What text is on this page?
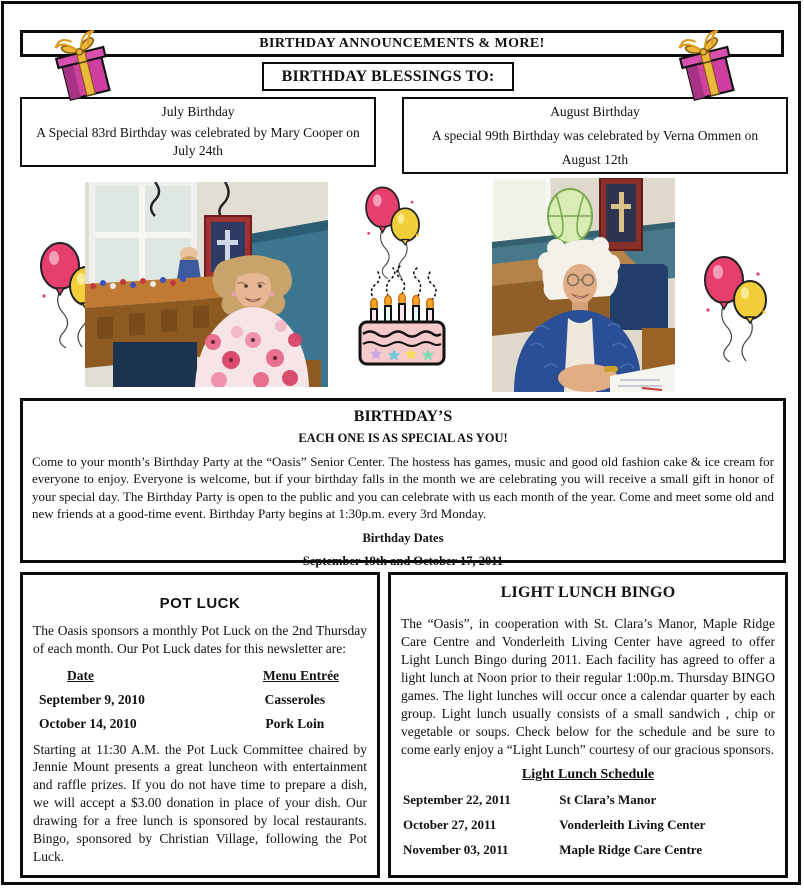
BIRTHDAY ANNOUNCEMENTS & MORE!
BIRTHDAY BLESSINGS TO:
July Birthday
A Special 83rd Birthday was celebrated by Mary Cooper on July 24th
August Birthday
A special 99th Birthday was celebrated by Verna Ommen on
August 12th
BIRTHDAY’S
EACH ONE IS AS SPECIAL AS YOU!
Come to your month’s Birthday Party at the “Oasis” Senior Center. The hostess has games, music and good old fashion cake & ice cream for everyone to enjoy. Everyone is welcome, but if your birthday falls in the month we are celebrating you will receive a small gift in honor of your special day. The Birthday Party is open to the public and you can celebrate with us each month of the year. Come and meet some old and new friends at a good-time event. Birthday Party begins at 1:30p.m. every 3rd Monday.
Birthday Dates
September 19th and October 17, 2011
POT LUCK
The Oasis sponsors a monthly Pot Luck on the 2nd Thursday of each month. Our Pot Luck dates for this newsletter are:
Date	Menu Entrée
September 9, 2010	Casseroles
October 14, 2010	Pork Loin
Starting at 11:30 A.M. the Pot Luck Committee chaired by Jennie Mount presents a great luncheon with entertainment and raffle prizes. If you do not have time to prepare a dish, we will accept a $3.00 donation in place of your dish. Our drawing for a free lunch is sponsored by local restaurants. Bingo, sponsored by Christian Village, following the Pot Luck.
LIGHT LUNCH BINGO
The “Oasis”, in cooperation with St. Clara’s Manor, Maple Ridge Care Centre and Vonderleith Living Center have agreed to offer Light Lunch Bingo during 2011. Each facility has agreed to offer a light lunch at Noon prior to their regular 1:00p.m. Thursday BINGO games. The light lunches will occur once a calendar quarter by each group. Light lunch usually consists of a small sandwich , chip or vegetable or soups. Check below for the schedule and be sure to come early enjoy a “Light Lunch” courtesy of our gracious sponsors.
Light Lunch Schedule
September 22, 2011	St Clara’s Manor
October 27, 2011	Vonderleith Living Center
November 03, 2011	Maple Ridge Care Centre
